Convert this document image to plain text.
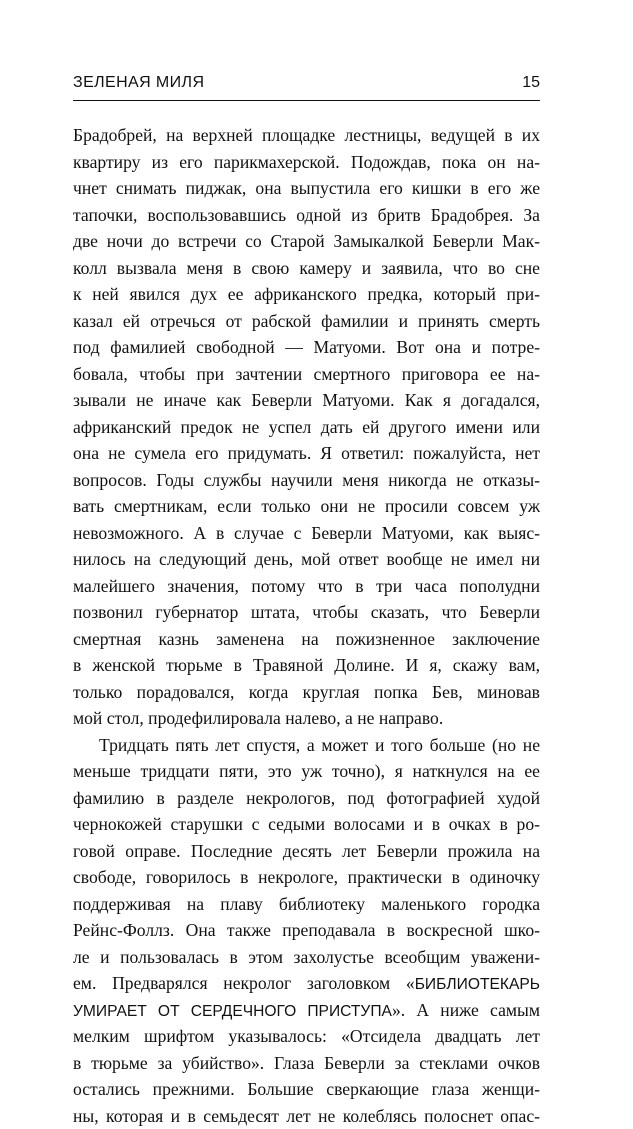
ЗЕЛЕНАЯ МИЛЯ	15
Брадобрей, на верхней площадке лестницы, ведущей в их
квартиру из его парикмахерской. Подождав, пока он на-
чнет снимать пиджак, она выпустила его кишки в его же
тапочки, воспользовавшись одной из бритв Брадобрея. За
две ночи до встречи со Старой Замыкалкой Беверли Мак-
колл вызвала меня в свою камеру и заявила, что во сне
к ней явился дух ее африканского предка, который при-
казал ей отречься от рабской фамилии и принять смерть
под фамилией свободной — Матуоми. Вот она и потре-
бовала, чтобы при зачтении смертного приговора ее на-
зывали не иначе как Беверли Матуоми. Как я догадался,
африканский предок не успел дать ей другого имени или
она не сумела его придумать. Я ответил: пожалуйста, нет
вопросов. Годы службы научили меня никогда не отказы-
вать смертникам, если только они не просили совсем уж
невозможного. А в случае с Беверли Матуоми, как выяс-
нилось на следующий день, мой ответ вообще не имел ни
малейшего значения, потому что в три часа пополудни
позвонил губернатор штата, чтобы сказать, что Беверли
смертная казнь заменена на пожизненное заключение
в женской тюрьме в Травяной Долине. И я, скажу вам,
только порадовался, когда круглая попка Бев, миновав
мой стол, продефилировала налево, а не направо.
Тридцать пять лет спустя, а может и того больше (но не
меньше тридцати пяти, это уж точно), я наткнулся на ее
фамилию в разделе некрологов, под фотографией худой
чернокожей старушки с седыми волосами и в очках в ро-
говой оправе. Последние десять лет Беверли прожила на
свободе, говорилось в некрологе, практически в одиночку
поддерживая на плаву библиотеку маленького городка
Рейнс-Фоллз. Она также преподавала в воскресной шко-
ле и пользовалась в этом захолустье всеобщим уважени-
ем. Предварялся некролог заголовком «БИБЛИОТЕКАРЬ
УМИРАЕТ ОТ СЕРДЕЧНОГО ПРИСТУПА». А ниже самым
мелким шрифтом указывалось: «Отсидела двадцать лет
в тюрьме за убийство». Глаза Беверли за стеклами очков
остались прежними. Большие сверкающие глаза женщи-
ны, которая и в семьдесят лет не колеблясь полоснет опас-
